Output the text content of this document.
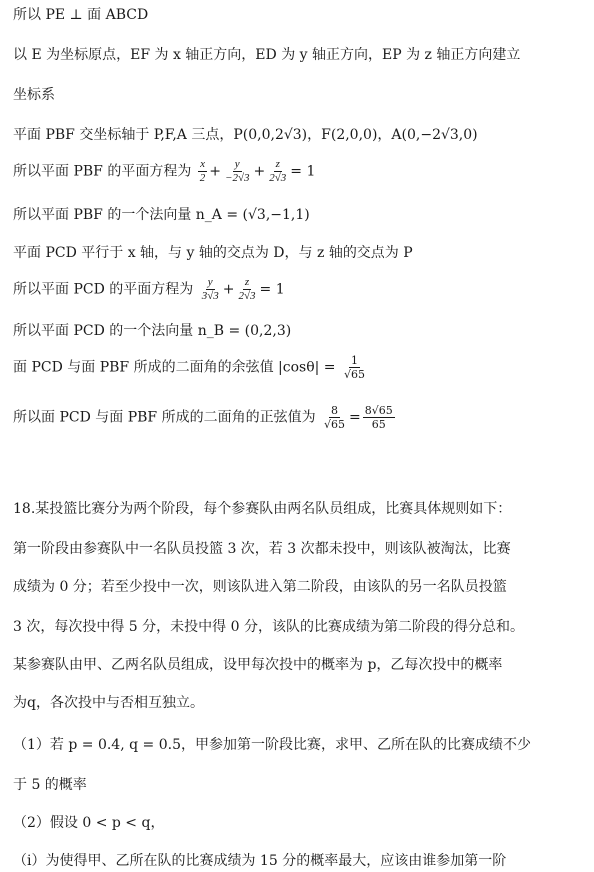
所以 PE ⊥ 面 ABCD
以 E 为坐标原点，EF 为 x 轴正方向，ED 为 y 轴正方向，EP 为 z 轴正方向建立
坐标系
平面 PBF 交坐标轴于 P,F,A 三点，P(0,0,2√3)，F(2,0,0)，A(0,−2√3,0)
所以平面 PBF 的平面方程为 $\frac{x}{2} + \frac{y}{-2√3} + \frac{z}{2√3} = 1$
所以平面 PBF 的一个法向量 n_A = (√3,−1,1)
平面 PCD 平行于 x 轴，与 y 轴的交点为 D，与 z 轴的交点为 P
所以平面 PCD 的平面方程为 $\frac{y}{3√3} + \frac{z}{2√3} = 1$
所以平面 PCD 的一个法向量 n_B = (0,2,3)
面 PCD 与面 PBF 所成的二面角的余弦值 $|\cos\theta| = \frac{1}{√65}$
所以面 PCD 与面 PBF 所成的二面角的正弦值为 $\frac{8}{√65} = \frac{8√65}{65}$
18.某投篮比赛分为两个阶段，每个参赛队由两名队员组成，比赛具体规则如下：
第一阶段由参赛队中一名队员投篮 3 次，若 3 次都未投中，则该队被淘汰，比赛
成绩为 0 分；若至少投中一次，则该队进入第二阶段，由该队的另一名队员投篮
3 次，每次投中得 5 分，未投中得 0 分，该队的比赛成绩为第二阶段的得分总和。
某参赛队由甲、乙两名队员组成，设甲每次投中的概率为 p，乙每次投中的概率
为q，各次投中与否相互独立。
（1）若 p = 0.4, q = 0.5，甲参加第一阶段比赛，求甲、乙所在队的比赛成绩不少
于 5 的概率
（2）假设 0 < p < q，
（i）为使得甲、乙所在队的比赛成绩为 15 分的概率最大，应该由谁参加第一阶
